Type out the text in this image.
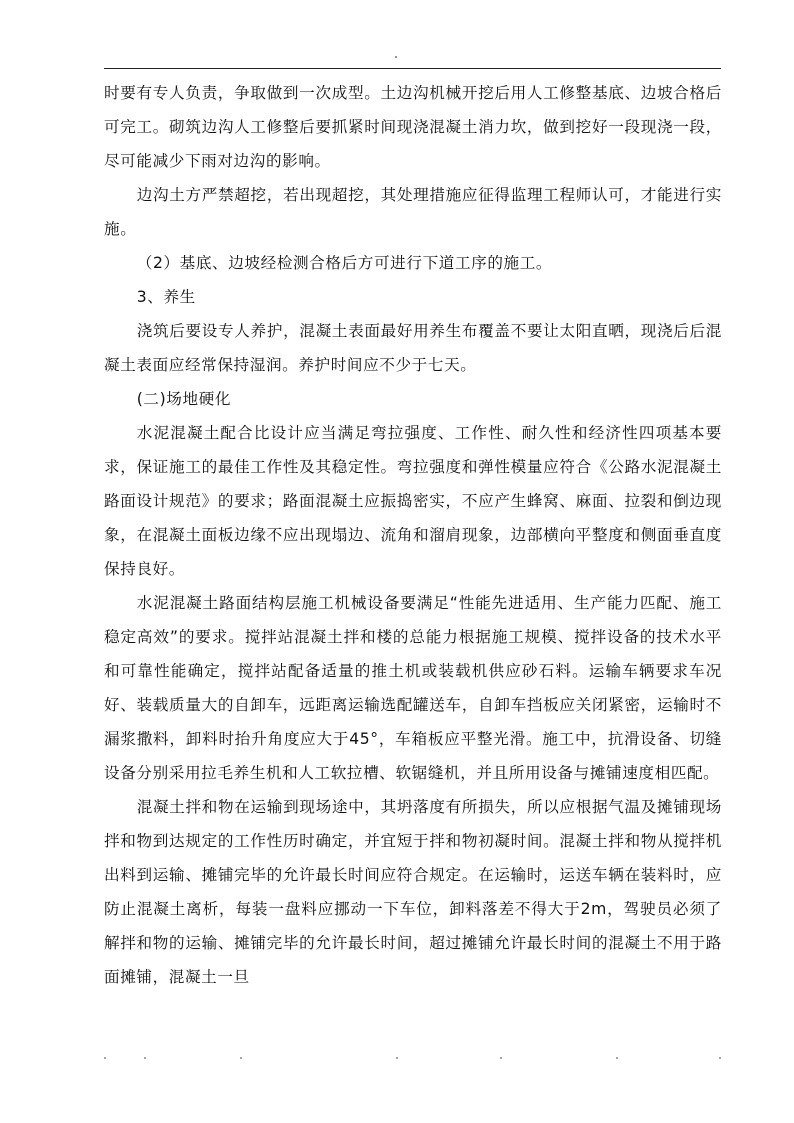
时要有专人负责，争取做到一次成型。土边沟机械开挖后用人工修整基底、边坡合格后可完工。砌筑边沟人工修整后要抓紧时间现浇混凝土消力坎，做到挖好一段现浇一段，尽可能减少下雨对边沟的影响。

边沟土方严禁超挖，若出现超挖，其处理措施应征得监理工程师认可，才能进行实施。

（2）基底、边坡经检测合格后方可进行下道工序的施工。

3、养生

浇筑后要设专人养护，混凝土表面最好用养生布覆盖不要让太阳直晒，现浇后后混凝土表面应经常保持湿润。养护时间应不少于七天。

(二)场地硬化

水泥混凝土配合比设计应当满足弯拉强度、工作性、耐久性和经济性四项基本要求，保证施工的最佳工作性及其稳定性。弯拉强度和弹性模量应符合《公路水泥混凝土路面设计规范》的要求；路面混凝土应振捣密实，不应产生蜂窝、麻面、拉裂和倒边现象，在混凝土面板边缘不应出现塌边、流角和溜肩现象，边部横向平整度和侧面垂直度保持良好。

水泥混凝土路面结构层施工机械设备要满足“性能先进适用、生产能力匹配、施工稳定高效”的要求。搅拌站混凝土拌和楼的总能力根据施工规模、搅拌设备的技术水平和可靠性能确定，搅拌站配备适量的推土机或装载机供应砂石料。运输车辆要求车况好、装载质量大的自卸车，远距离运输选配罐送车，自卸车挡板应关闭紧密，运输时不漏浆撒料，卸料时抬升角度应大于45°，车箱板应平整光滑。施工中，抗滑设备、切缝设备分别采用拉毛养生机和人工软拉槽、软锯缝机，并且所用设备与摊铺速度相匹配。

混凝土拌和物在运输到现场途中，其坍落度有所损失，所以应根据气温及摊铺现场拌和物到达规定的工作性历时确定，并宜短于拌和物初凝时间。混凝土拌和物从搅拌机出料到运输、摊铺完毕的允许最长时间应符合规定。在运输时，运送车辆在装料时，应防止混凝土离析，每装一盘料应挪动一下车位，卸料落差不得大于2m，驾驶员必须了解拌和物的运输、摊铺完毕的允许最长时间，超过摊铺允许最长时间的混凝土不用于路面摊铺，混凝土一旦
